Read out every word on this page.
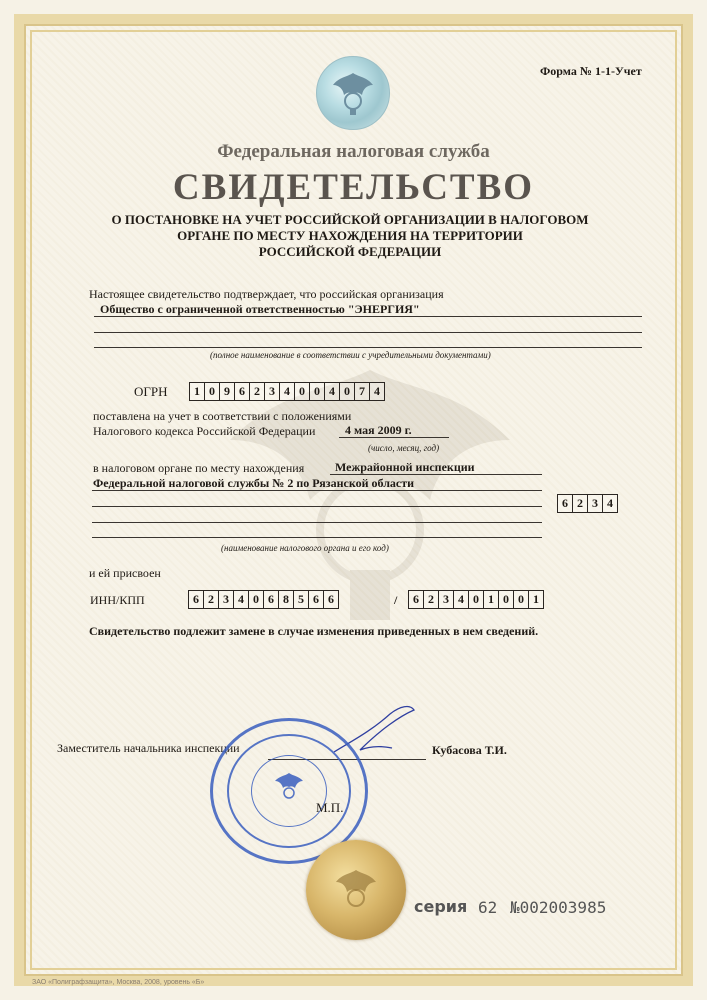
Форма № 1-1-Учет
Федеральная налоговая служба
СВИДЕТЕЛЬСТВО
О ПОСТАНОВКЕ НА УЧЕТ РОССИЙСКОЙ ОРГАНИЗАЦИИ В НАЛОГОВОМ
ОРГАНЕ ПО МЕСТУ НАХОЖДЕНИЯ НА ТЕРРИТОРИИ
РОССИЙСКОЙ ФЕДЕРАЦИИ
Настоящее свидетельство подтверждает, что российская организация
Общество с ограниченной ответственностью "ЭНЕРГИЯ"
(полное наименование в соответствии с учредительными документами)
ОГРН	1 0 9 6 2 3 4 0 0 4 0 7 4
поставлена на учет в соответствии с положениями
Налогового кодекса Российской Федерации 4 мая 2009 г.
(число, месяц, год)
в налоговом органе по месту нахождения	Межрайонной инспекции
Федеральной налоговой службы № 2 по Рязанской области
6 2 3 4
(наименование налогового органа и его код)
и ей присвоен
ИНН/КПП	6 2 3 4 0 6 8 5 6 6	/	6 2 3 4 0 1 0 0 1
Свидетельство подлежит замене в случае изменения приведенных в нем сведений.
Заместитель начальника инспекции	Кубасова Т.И.
М.П.
серия 62 №002003985
ЗАО «Полиграфзащита», Москва, 2008, уровень «Б»
